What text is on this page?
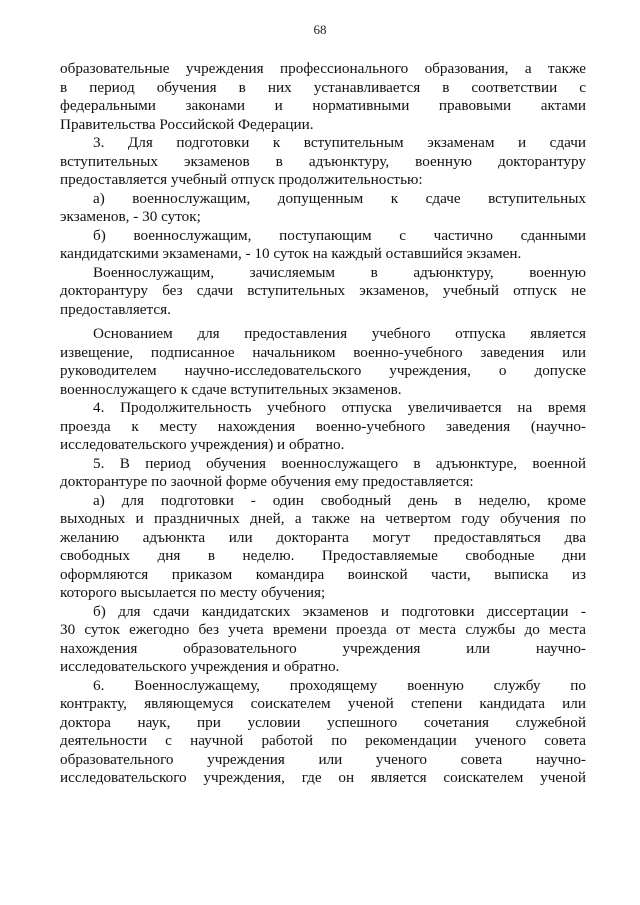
68
образовательные учреждения профессионального образования, а также
в период обучения в них устанавливается в соответствии с
федеральными законами и нормативными правовыми актами
Правительства Российской Федерации.
3. Для подготовки к вступительным экзаменам и сдачи
вступительных экзаменов в адъюнктуру, военную докторантуру
предоставляется учебный отпуск продолжительностью:
а) военнослужащим, допущенным к сдаче вступительных
экзаменов, - 30 суток;
б) военнослужащим, поступающим с частично сданными
кандидатскими экзаменами, - 10 суток на каждый оставшийся экзамен.
Военнослужащим, зачисляемым в адъюнктуру, военную
докторантуру без сдачи вступительных экзаменов, учебный отпуск не
предоставляется.
Основанием для предоставления учебного отпуска является
извещение, подписанное начальником военно-учебного заведения или
руководителем научно-исследовательского учреждения, о допуске
военнослужащего к сдаче вступительных экзаменов.
4. Продолжительность учебного отпуска увеличивается на время
проезда к месту нахождения военно-учебного заведения (научно-
исследовательского учреждения) и обратно.
5. В период обучения военнослужащего в адъюнктуре, военной
докторантуре по заочной форме обучения ему предоставляется:
а) для подготовки - один свободный день в неделю, кроме
выходных и праздничных дней, а также на четвертом году обучения по
желанию адъюнкта или докторанта могут предоставляться два
свободных дня в неделю. Предоставляемые свободные дни
оформляются приказом командира воинской части, выписка из
которого высылается по месту обучения;
б) для сдачи кандидатских экзаменов и подготовки диссертации -
30 суток ежегодно без учета времени проезда от места службы до места
нахождения образовательного учреждения или научно-
исследовательского учреждения и обратно.
6. Военнослужащему, проходящему военную службу по
контракту, являющемуся соискателем ученой степени кандидата или
доктора наук, при условии успешного сочетания служебной
деятельности с научной работой по рекомендации ученого совета
образовательного учреждения или ученого совета научно-
исследовательского учреждения, где он является соискателем ученой
